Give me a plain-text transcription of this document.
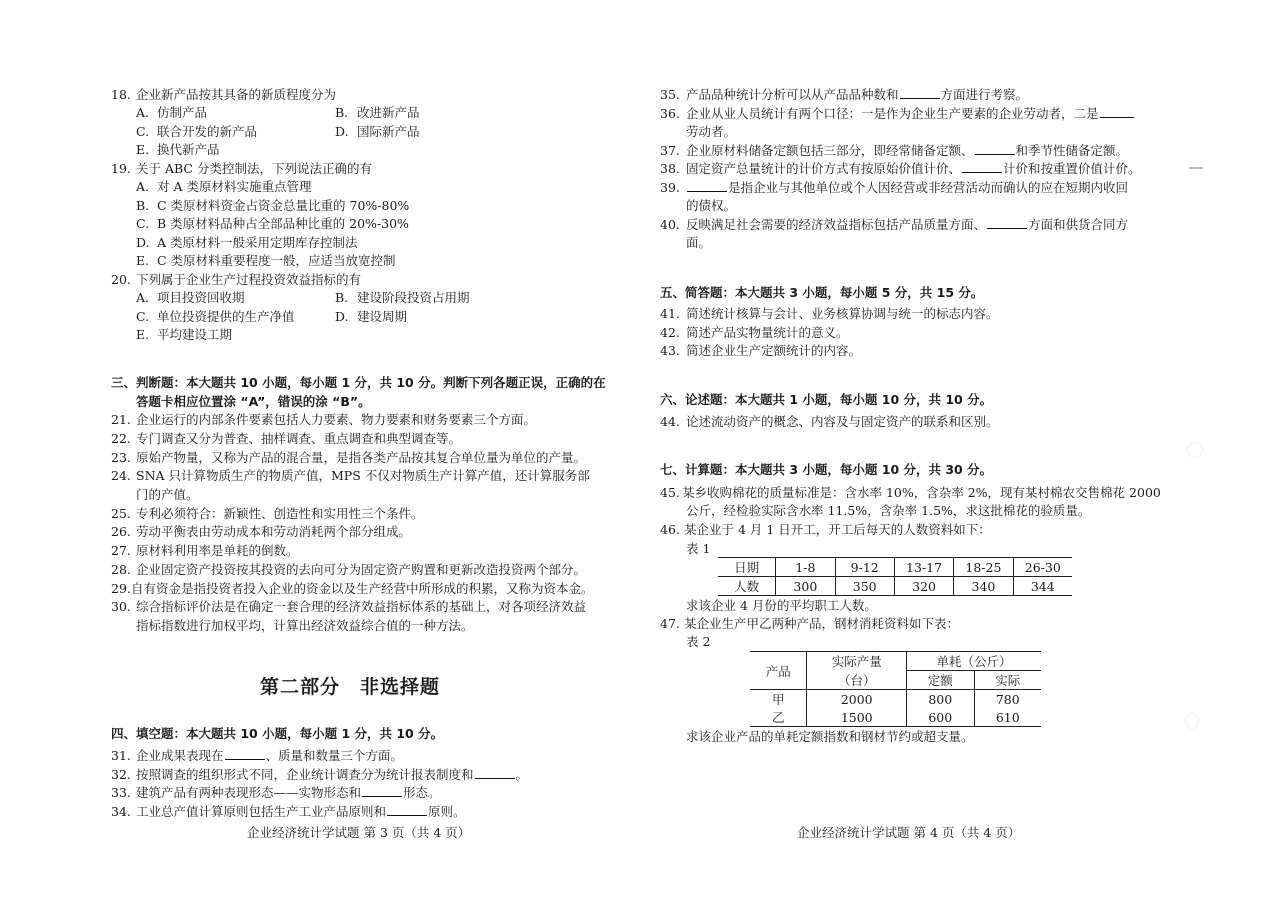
18. 企业新产品按其具备的新质程度分为
A. 仿制产品	B. 改进新产品
C. 联合开发的新产品	D. 国际新产品
E. 换代新产品
19. 关于 ABC 分类控制法，下列说法正确的有
A. 对 A 类原材料实施重点管理
B. C 类原材料资金占资金总量比重的 70%-80%
C. B 类原材料品种占全部品种比重的 20%-30%
D. A 类原材料一般采用定期库存控制法
E. C 类原材料重要程度一般，应适当放宽控制
20. 下列属于企业生产过程投资效益指标的有
A. 项目投资回收期	B. 建设阶段投资占用期
C. 单位投资提供的生产净值	D. 建设周期
E. 平均建设工期
三、判断题：本大题共 10 小题，每小题 1 分，共 10 分。判断下列各题正误，正确的在
答题卡相应位置涂 “A”，错误的涂 “B”。
21. 企业运行的内部条件要素包括人力要素、物力要素和财务要素三个方面。
22. 专门调查又分为普查、抽样调查、重点调查和典型调查等。
23. 原始产物量，又称为产品的混合量，是指各类产品按其复合单位量为单位的产量。
24. SNA 只计算物质生产的物质产值，MPS 不仅对物质生产计算产值，还计算服务部
门的产值。
25. 专利必须符合：新颖性、创造性和实用性三个条件。
26. 劳动平衡表由劳动成本和劳动消耗两个部分组成。
27. 原材料利用率是单耗的倒数。
28. 企业固定资产投资按其投资的去向可分为固定资产购置和更新改造投资两个部分。
29. 自有资金是指投资者投入企业的资金以及生产经营中所形成的积累，又称为资本金。
30. 综合指标评价法是在确定一套合理的经济效益指标体系的基础上，对各项经济效益
指标指数进行加权平均，计算出经济效益综合值的一种方法。
第二部分　非选择题
四、填空题：本大题共 10 小题，每小题 1 分，共 10 分。
31. 企业成果表现在	、质量和数量三个方面。
32. 按照调查的组织形式不同，企业统计调查分为统计报表制度和	。
33. 建筑产品有两种表现形态——实物形态和	形态。
34. 工业总产值计算原则包括生产工业产品原则和	原则。
企业经济统计学试题 第 3 页（共 4 页）
35. 产品品种统计分析可以从产品品种数和	方面进行考察。
36. 企业从业人员统计有两个口径：一是作为企业生产要素的企业劳动者，二是
劳动者。
37. 企业原材料储备定额包括三部分，即经常储备定额、	和季节性储备定额。
38. 固定资产总量统计的计价方式有按原始价值计价、	计价和按重置价值计价。
39.	是指企业与其他单位或个人因经营或非经营活动而确认的应在短期内收回
的债权。
40. 反映满足社会需要的经济效益指标包括产品质量方面、	方面和供货合同方
面。
五、简答题：本大题共 3 小题，每小题 5 分，共 15 分。
41. 简述统计核算与会计、业务核算协调与统一的标志内容。
42. 简述产品实物量统计的意义。
43. 简述企业生产定额统计的内容。
六、论述题：本大题共 1 小题，每小题 10 分，共 10 分。
44. 论述流动资产的概念、内容及与固定资产的联系和区别。
七、计算题：本大题共 3 小题，每小题 10 分，共 30 分。
45. 某乡收购棉花的质量标准是：含水率 10%，含杂率 2%，现有某村棉农交售棉花 2000
公斤，经检验实际含水率 11.5%，含杂率 1.5%，求这批棉花的验质量。
46. 某企业于 4 月 1 日开工，开工后每天的人数资料如下：
表 1
日期	1-8	9-12	13-17	18-25	26-30
人数	300	350	320	340	344
求该企业 4 月份的平均职工人数。
47. 某企业生产甲乙两种产品，钢材消耗资料如下表：
表 2
产品	实际产量	单耗（公斤）	
	（台）	定额	实际
甲	2000	800	780
乙	1500	600	610
求该企业产品的单耗定额指数和钢材节约或超支量。
企业经济统计学试题 第 4 页（共 4 页）
